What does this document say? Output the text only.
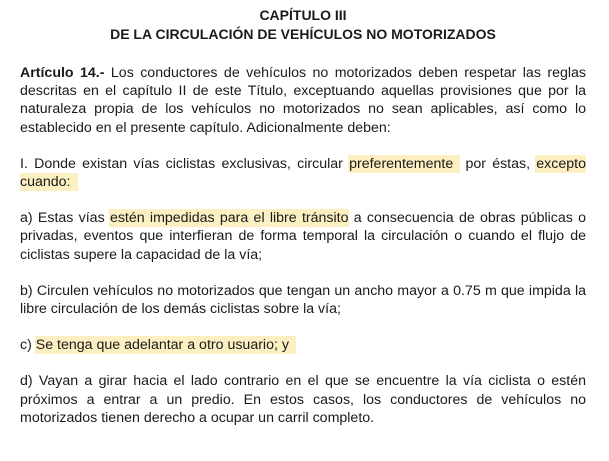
CAPÍTULO III
DE LA CIRCULACIÓN DE VEHÍCULOS NO MOTORIZADOS

Artículo 14.- Los conductores de vehículos no motorizados deben respetar las reglas descritas en el capítulo II de este Título, exceptuando aquellas provisiones que por la naturaleza propia de los vehículos no motorizados no sean aplicables, así como lo establecido en el presente capítulo. Adicionalmente deben:

I. Donde existan vías ciclistas exclusivas, circular preferentemente por éstas, excepto cuando:

a) Estas vías estén impedidas para el libre tránsito a consecuencia de obras públicas o privadas, eventos que interfieran de forma temporal la circulación o cuando el flujo de ciclistas supere la capacidad de la vía;

b) Circulen vehículos no motorizados que tengan un ancho mayor a 0.75 m que impida la libre circulación de los demás ciclistas sobre la vía;

c) Se tenga que adelantar a otro usuario; y

d) Vayan a girar hacia el lado contrario en el que se encuentre la vía ciclista o estén próximos a entrar a un predio. En estos casos, los conductores de vehículos no motorizados tienen derecho a ocupar un carril completo.
